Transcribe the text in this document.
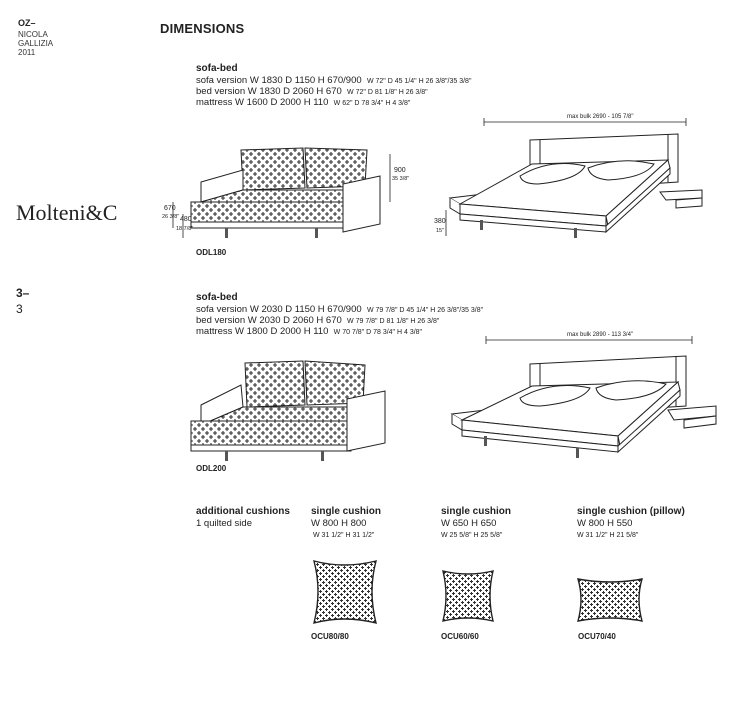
OZ–
NICOLA
GALLIZIA
2011
Molteni&C
3–
3
DIMENSIONS
sofa-bed
sofa version W 1830 D 1150 H 670/900 W 72" D 45 1/4" H 26 3/8"/35 3/8"
bed version W 1830 D 2060 H 670 W 72" D 81 1/8" H 26 3/8"
mattress W 1600 D 2000 H 110 W 62" D 78 3/4" H 4 3/8"
670
26 3/8" 480
18 7/8"
900
35 3/8"
ODL180
max bulk 2690 - 105 7/8"
380
15"
sofa-bed
sofa version W 2030 D 1150 H 670/900 W 79 7/8" D 45 1/4" H 26 3/8"/35 3/8"
bed version W 2030 D 2060 H 670 W 79 7/8" D 81 1/8" H 26 3/8"
mattress W 1800 D 2000 H 110 W 70 7/8" D 78 3/4" H 4 3/8"
ODL200
max bulk 2890 - 113 3/4"
additional cushions
1 quilted side
single cushion
W 800 H 800
W 31 1/2" H 31 1/2"
single cushion
W 650 H 650
W 25 5/8" H 25 5/8"
single cushion (pillow)
W 800 H 550
W 31 1/2" H 21 5/8"
OCU80/80	OCU60/60	OCU70/40
